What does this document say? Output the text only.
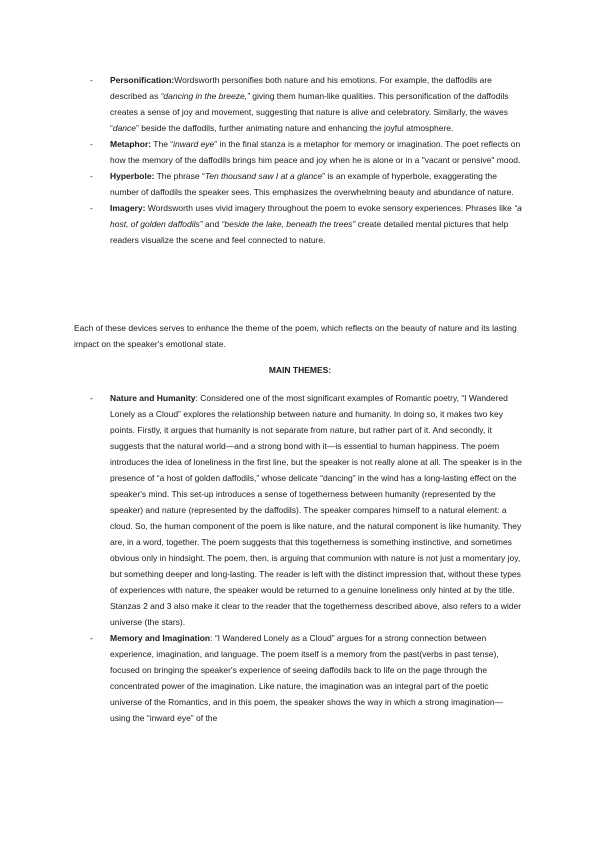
- Personification:Wordsworth personifies both nature and his emotions. For example, the daffodils are described as “dancing in the breeze,” giving them human-like qualities. This personification of the daffodils creates a sense of joy and movement, suggesting that nature is alive and celebratory. Similarly, the waves “dance” beside the daffodils, further animating nature and enhancing the joyful atmosphere.

- Metaphor: The “inward eye” in the final stanza is a metaphor for memory or imagination. The poet reflects on how the memory of the daffodils brings him peace and joy when he is alone or in a "vacant or pensive" mood.

- Hyperbole: The phrase “Ten thousand saw I at a glance” is an example of hyperbole, exaggerating the number of daffodils the speaker sees. This emphasizes the overwhelming beauty and abundance of nature.

- Imagery: Wordsworth uses vivid imagery throughout the poem to evoke sensory experiences. Phrases like “a host, of golden daffodils” and “beside the lake, beneath the trees” create detailed mental pictures that help readers visualize the scene and feel connected to nature.

Each of these devices serves to enhance the theme of the poem, which reflects on the beauty of nature and its lasting impact on the speaker's emotional state.

MAIN THEMES:

- Nature and Humanity: Considered one of the most significant examples of Romantic poetry, “I Wandered Lonely as a Cloud” explores the relationship between nature and humanity. In doing so, it makes two key points. Firstly, it argues that humanity is not separate from nature, but rather part of it. And secondly, it suggests that the natural world—and a strong bond with it—is essential to human happiness. The poem introduces the idea of loneliness in the first line, but the speaker is not really alone at all. The speaker is in the presence of “a host of golden daffodils,” whose delicate “dancing” in the wind has a long-lasting effect on the speaker's mind. This set-up introduces a sense of togetherness between humanity (represented by the speaker) and nature (represented by the daffodils). The speaker compares himself to a natural element: a cloud. So, the human component of the poem is like nature, and the natural component is like humanity. They are, in a word, together. The poem suggests that this togetherness is something instinctive, and sometimes obvious only in hindsight. The poem, then, is arguing that communion with nature is not just a momentary joy, but something deeper and long-lasting. The reader is left with the distinct impression that, without these types of experiences with nature, the speaker would be returned to a genuine loneliness only hinted at by the title. Stanzas 2 and 3 also make it clear to the reader that the togetherness described above, also refers to a wider universe (the stars).

- Memory and Imagination: “I Wandered Lonely as a Cloud” argues for a strong connection between experience, imagination, and language. The poem itself is a memory from the past(verbs in past tense), focused on bringing the speaker's experience of seeing daffodils back to life on the page through the concentrated power of the imagination. Like nature, the imagination was an integral part of the poetic universe of the Romantics, and in this poem, the speaker shows the way in which a strong imagination—using the “inward eye” of the
